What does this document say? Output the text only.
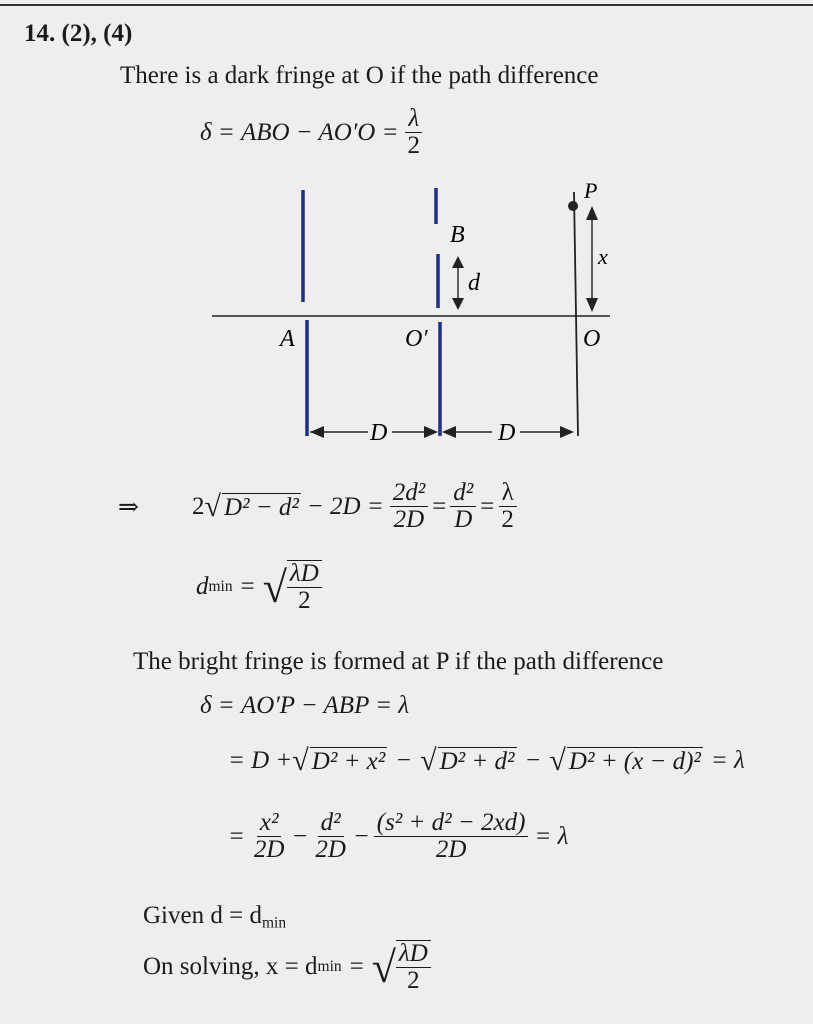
14. (2), (4)
There is a dark fringe at O if the path difference
δ = ABO − $AO'O = \frac{\lambda}{2}$
A	O′	O
B
P
d
x
D	D
⇒	2 √ $D^2 - d^2 - 2D = \frac{\text{2d²}}{2D} = \frac{\text{d²}}{D} = \frac{\lambda}{2}$
d min = √ $\frac{\lambda D}{2}$
The bright fringe is formed at P if the path difference
δ = AO′P − ABP = λ
= D + √ D² + x² − √ D² + d² − √ D² + (x − d)² = λ
= $\frac{\text{x²}}{2D} - \frac{\text{d²}}{2D} - \frac{\text{(s² + d² − 2xd)}}{2D} = \lambda$
Given $d = d_{min}$
On solving, x = d min = √ $\frac{\lambda D}{2}$
